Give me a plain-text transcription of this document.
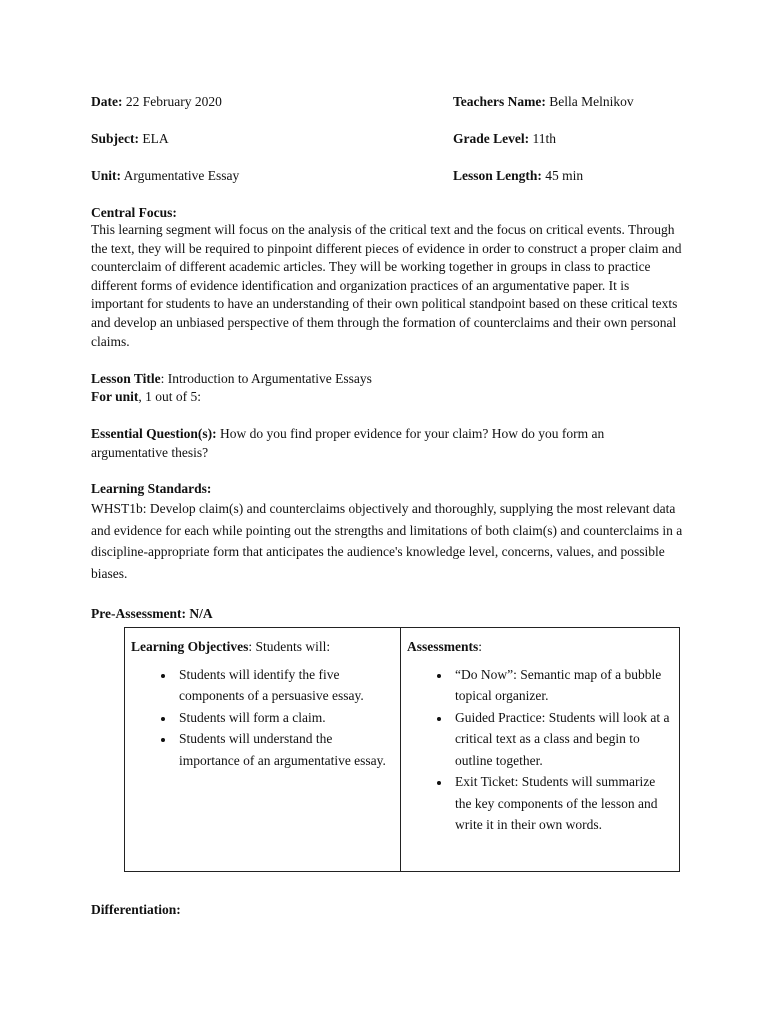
Date: 22 February 2020	Teachers Name: Bella Melnikov
Subject: ELA	Grade Level: 11th
Unit: Argumentative Essay	Lesson Length: 45 min
Central Focus:
This learning segment will focus on the analysis of the critical text and the focus on critical events. Through the text, they will be required to pinpoint different pieces of evidence in order to construct a proper claim and counterclaim of different academic articles. They will be working together in groups in class to practice different forms of evidence identification and organization practices of an argumentative paper. It is important for students to have an understanding of their own political standpoint based on these critical texts and develop an unbiased perspective of them through the formation of counterclaims and their own personal claims.
Lesson Title: Introduction to Argumentative Essays
For unit, 1 out of 5:
Essential Question(s): How do you find proper evidence for your claim? How do you form an argumentative thesis?
Learning Standards:
WHST1b: Develop claim(s) and counterclaims objectively and thoroughly, supplying the most relevant data and evidence for each while pointing out the strengths and limitations of both claim(s) and counterclaims in a discipline-appropriate form that anticipates the audience's knowledge level, concerns, values, and possible biases.
Pre-Assessment: N/A
Learning Objectives: Students will:
• Students will identify the five components of a persuasive essay.
• Students will form a claim.
• Students will understand the importance of an argumentative essay.
Assessments:
• “Do Now”: Semantic map of a bubble topical organizer.
• Guided Practice: Students will look at a critical text as a class and begin to outline together.
• Exit Ticket: Students will summarize the key components of the lesson and write it in their own words.
Differentiation:
